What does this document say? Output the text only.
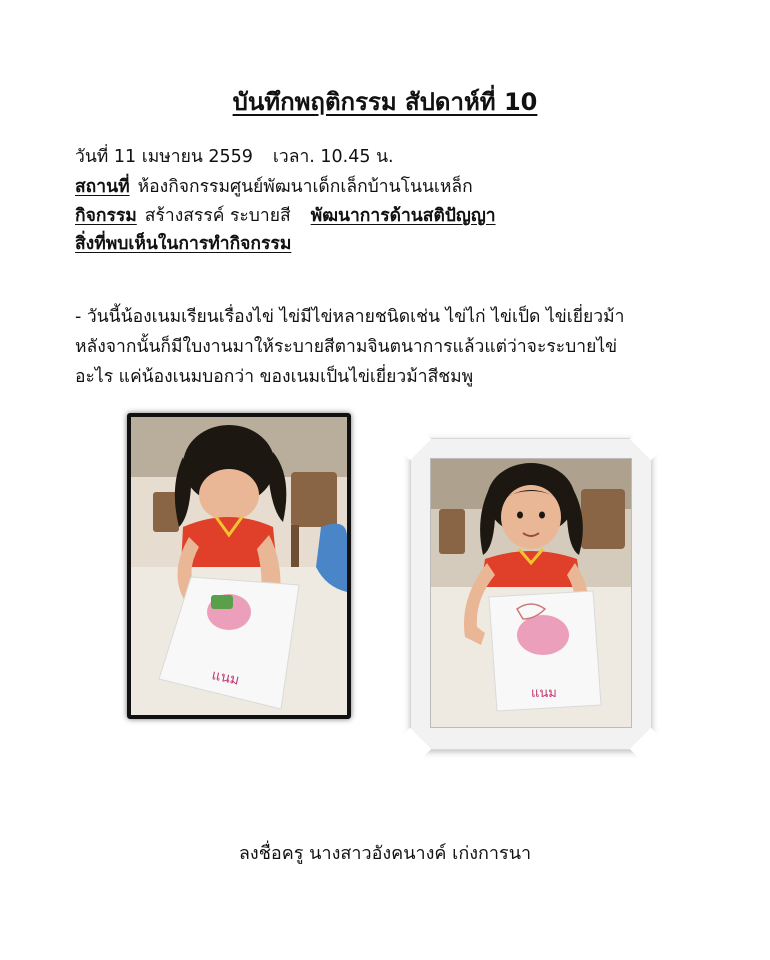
บันทึกพฤติกรรม สัปดาห์ที่ 10
วันที่ 11 เมษายน 2559 เวลา. 10.45 น.
สถานที่ ห้องกิจกรรมศูนย์พัฒนาเด็กเล็กบ้านโนนเหล็ก
กิจกรรม สร้างสรรค์ ระบายสี พัฒนาการด้านสติปัญญา
สิ่งที่พบเห็นในการทำกิจกรรม
- วันนี้น้องเนมเรียนเรื่องไข่ ไข่มีไข่หลายชนิดเช่น ไข่ไก่ ไข่เป็ด ไข่เยี่ยวม้า
หลังจากนั้นก็มีใบงานมาให้ระบายสีตามจินตนาการแล้วแต่ว่าจะระบายไข่
อะไร แค่น้องเนมบอกว่า ของเนมเป็นไข่เยี่ยวม้าสีชมพู
แนม
แนม
ลงชื่อครู นางสาวอังคนางค์ เก่งการนา
